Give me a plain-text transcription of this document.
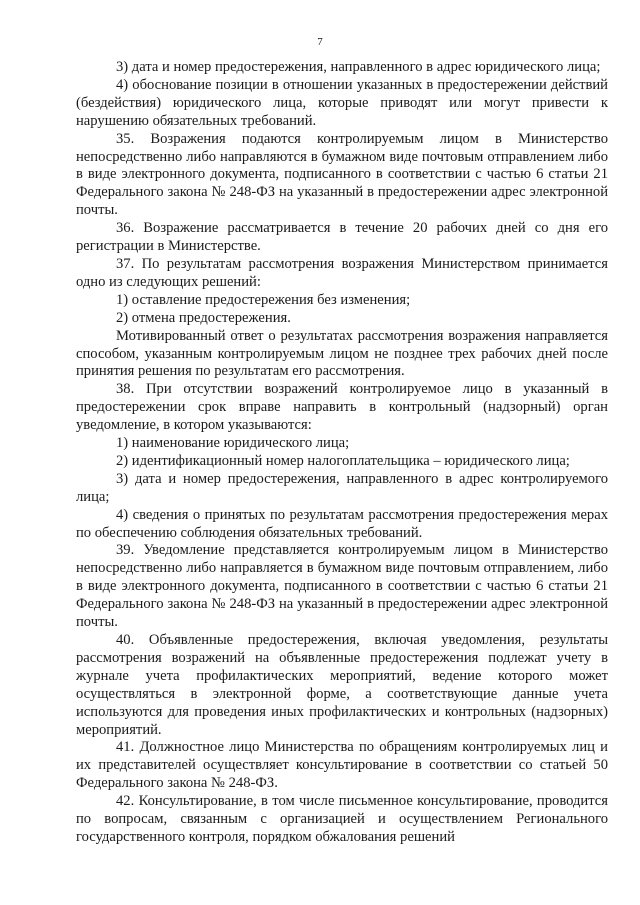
7

3) дата и номер предостережения, направленного в адрес юридического лица;

4) обоснование позиции в отношении указанных в предостережении действий (бездействия) юридического лица, которые приводят или могут привести к нарушению обязательных требований.

35. Возражения подаются контролируемым лицом в Министерство непосредственно либо направляются в бумажном виде почтовым отправлением либо в виде электронного документа, подписанного в соответствии с частью 6 статьи 21 Федерального закона № 248-ФЗ на указанный в предостережении адрес электронной почты.

36. Возражение рассматривается в течение 20 рабочих дней со дня его регистрации в Министерстве.

37. По результатам рассмотрения возражения Министерством принимается одно из следующих решений:

1) оставление предостережения без изменения;

2) отмена предостережения.

Мотивированный ответ о результатах рассмотрения возражения направляется способом, указанным контролируемым лицом не позднее трех рабочих дней после принятия решения по результатам его рассмотрения.

38. При отсутствии возражений контролируемое лицо в указанный в предостережении срок вправе направить в контрольный (надзорный) орган уведомление, в котором указываются:

1) наименование юридического лица;

2) идентификационный номер налогоплательщика – юридического лица;

3) дата и номер предостережения, направленного в адрес контролируемого лица;

4) сведения о принятых по результатам рассмотрения предостережения мерах по обеспечению соблюдения обязательных требований.

39. Уведомление представляется контролируемым лицом в Министерство непосредственно либо направляется в бумажном виде почтовым отправлением, либо в виде электронного документа, подписанного в соответствии с частью 6 статьи 21 Федерального закона № 248-ФЗ на указанный в предостережении адрес электронной почты.

40. Объявленные предостережения, включая уведомления, результаты рассмотрения возражений на объявленные предостережения подлежат учету в журнале учета профилактических мероприятий, ведение которого может осуществляться в электронной форме, а соответствующие данные учета используются для проведения иных профилактических и контрольных (надзорных) мероприятий.

41. Должностное лицо Министерства по обращениям контролируемых лиц и их представителей осуществляет консультирование в соответствии со статьей 50 Федерального закона № 248-ФЗ.

42. Консультирование, в том числе письменное консультирование, проводится по вопросам, связанным с организацией и осуществлением Регионального государственного контроля, порядком обжалования решений
